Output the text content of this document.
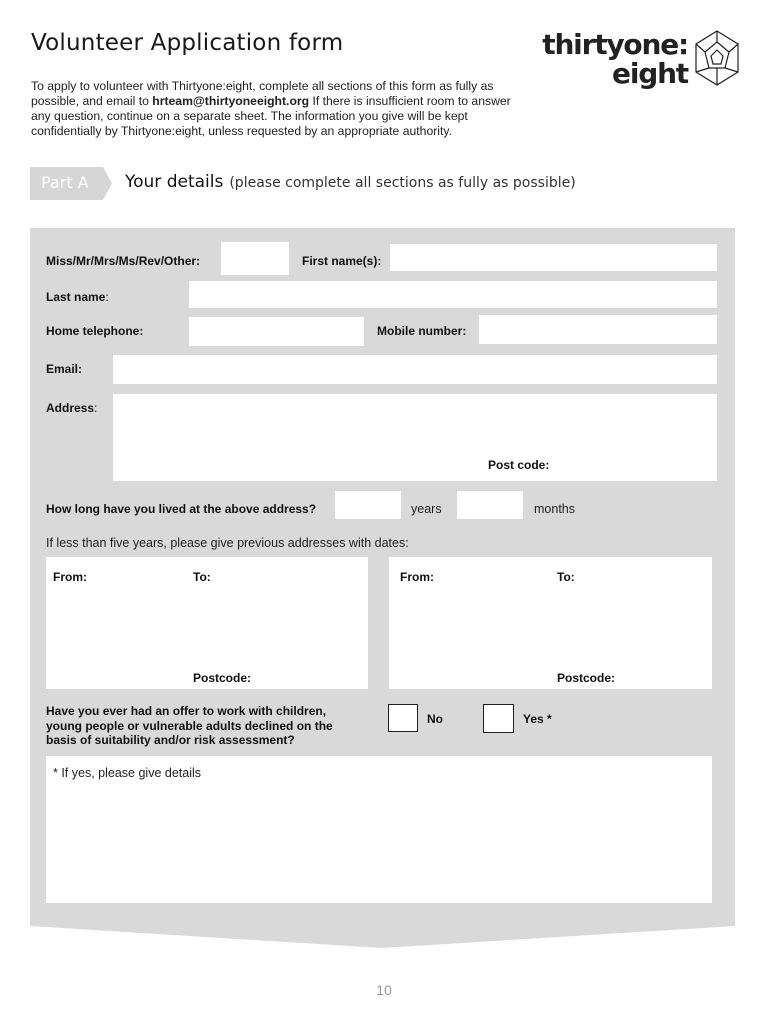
Volunteer Application form
To apply to volunteer with Thirtyone:eight, complete all sections of this form as fully as possible, and email to hrteam@thirtyoneeight.org If there is insufficient room to answer any question, continue on a separate sheet. The information you give will be kept confidentially by Thirtyone:eight, unless requested by an appropriate authority.
thirtyone:
eight
Part A Your details (please complete all sections as fully as possible)
Miss/Mr/Mrs/Ms/Rev/Other:	First name(s):
Last name:
Home telephone:	Mobile number:
Email:
Address:
Post code:
How long have you lived at the above address?	years	months
If less than five years, please give previous addresses with dates:
From:	To:
Postcode:
From:	To:
Postcode:
Have you ever had an offer to work with children, young people or vulnerable adults declined on the basis of suitability and/or risk assessment?
No	Yes *
* If yes, please give details
10
